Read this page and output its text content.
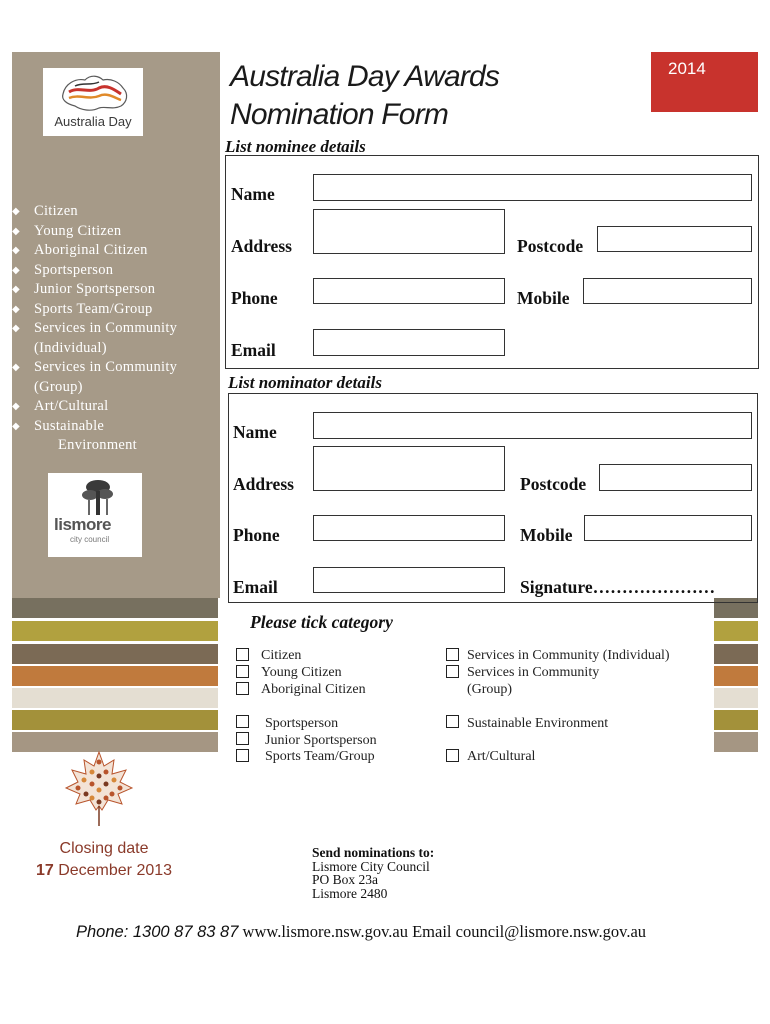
Australia Day
◆ Citizen
◆ Young Citizen
◆ Aboriginal Citizen
◆ Sportsperson
◆ Junior Sportsperson
◆ Sports Team/Group
◆ Services in Community
(Individual)
◆ Services in Community
(Group)
◆ Art/Cultural
◆ Sustainable
Environment
lismore
city council
Australia Day Awards
Nomination Form
2014
List nominee details
Name
Address	Postcode
Phone	Mobile
Email
List nominator details
Name
Address	Postcode
Phone	Mobile
Email	Signature…………………
Please tick category
Citizen
Young Citizen
Aboriginal Citizen
Sportsperson
Junior Sportsperson
Sports Team/Group
Services in Community (Individual)
Services in Community
(Group)
Sustainable Environment
Art/Cultural
Closing date
17 December 2013
Send nominations to:
Lismore City Council
PO Box 23a
Lismore 2480
Phone: 1300 87 83 87 www.lismore.nsw.gov.au Email council@lismore.nsw.gov.au
